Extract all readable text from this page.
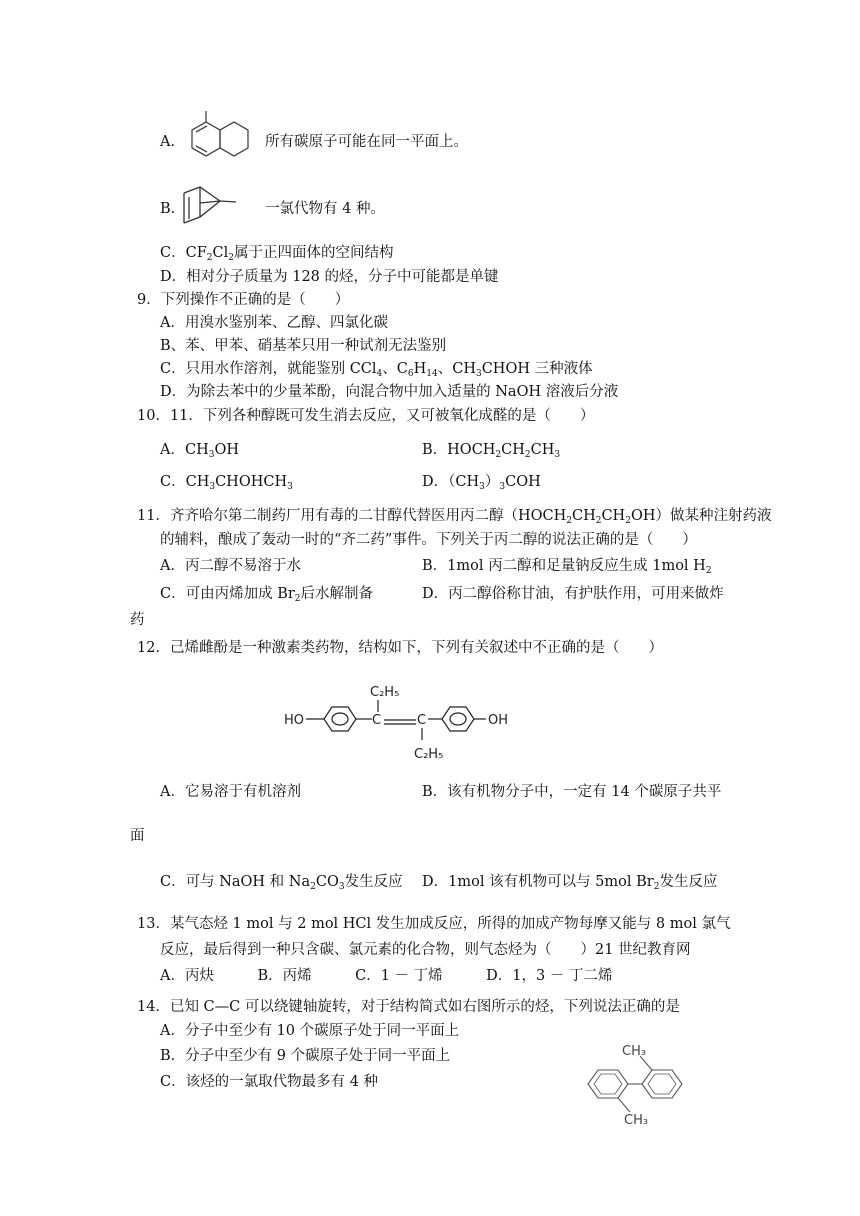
A.	所有碳原子可能在同一平面上。
B.	一氯代物有 4 种。
C．$CF_2Cl_2$属于正四面体的空间结构
D．相对分子质量为 128 的烃，分子中可能都是单键
9．下列操作不正确的是（　　）
A．用溴水鉴别苯、乙醇、四氯化碳
B、苯、甲苯、硝基苯只用一种试剂无法鉴别
C．只用水作溶剂，就能鉴别 CCl$_4$、$C_6H_{14}$、$CH_3CHOH$ 三种液体
D．为除去苯中的少量苯酚，向混合物中加入适量的 NaOH 溶液后分液
10．11．下列各种醇既可发生消去反应，又可被氧化成醛的是（　　）
A．$CH_3OH$	B．$HOCH_2CH_2CH_3$
C．$CH_3CHOHCH_3$	D．$(CH_3)_3COH$
11．齐齐哈尔第二制药厂用有毒的二甘醇代替医用丙二醇$(HOCH_2CH_2CH_2OH)$做某种注射药液
的辅料，酿成了轰动一时的“齐二药”事件。下列关于丙二醇的说法正确的是（　　）
A．丙二醇不易溶于水	B．1mol 丙二醇和足量钠反应生成 1mol $H_2$
C．可由丙烯加成 $Br_2$后水解制备	D．丙二醇俗称甘油，有护肤作用，可用来做炸
药
12．己烯雌酚是一种激素类药物，结构如下，下列有关叙述中不正确的是（　　）
HO	C	C	OH
C₂H₅
C₂H₅
A．它易溶于有机溶剂	B．该有机物分子中，一定有 14 个碳原子共平
面
C．可与 NaOH 和 $Na_2CO_3$发生反应 D．1mol 该有机物可以与 5mol $Br_2$发生反应
13．某气态烃 1 mol 与 2 mol HCl 发生加成反应，所得的加成产物每摩又能与 8 mol 氯气
反应，最后得到一种只含碳、氯元素的化合物，则气态烃为（　　）21 世纪教育网
A．丙炔　　　B．丙烯　　　C．1 － 丁烯　　　D．1，3 － 丁二烯
14．已知 C—C 可以绕键轴旋转，对于结构简式如右图所示的烃，下列说法正确的是
A．分子中至少有 10 个碳原子处于同一平面上
B．分子中至少有 9 个碳原子处于同一平面上
C．该烃的一氯取代物最多有 4 种
CH₃
CH₃
